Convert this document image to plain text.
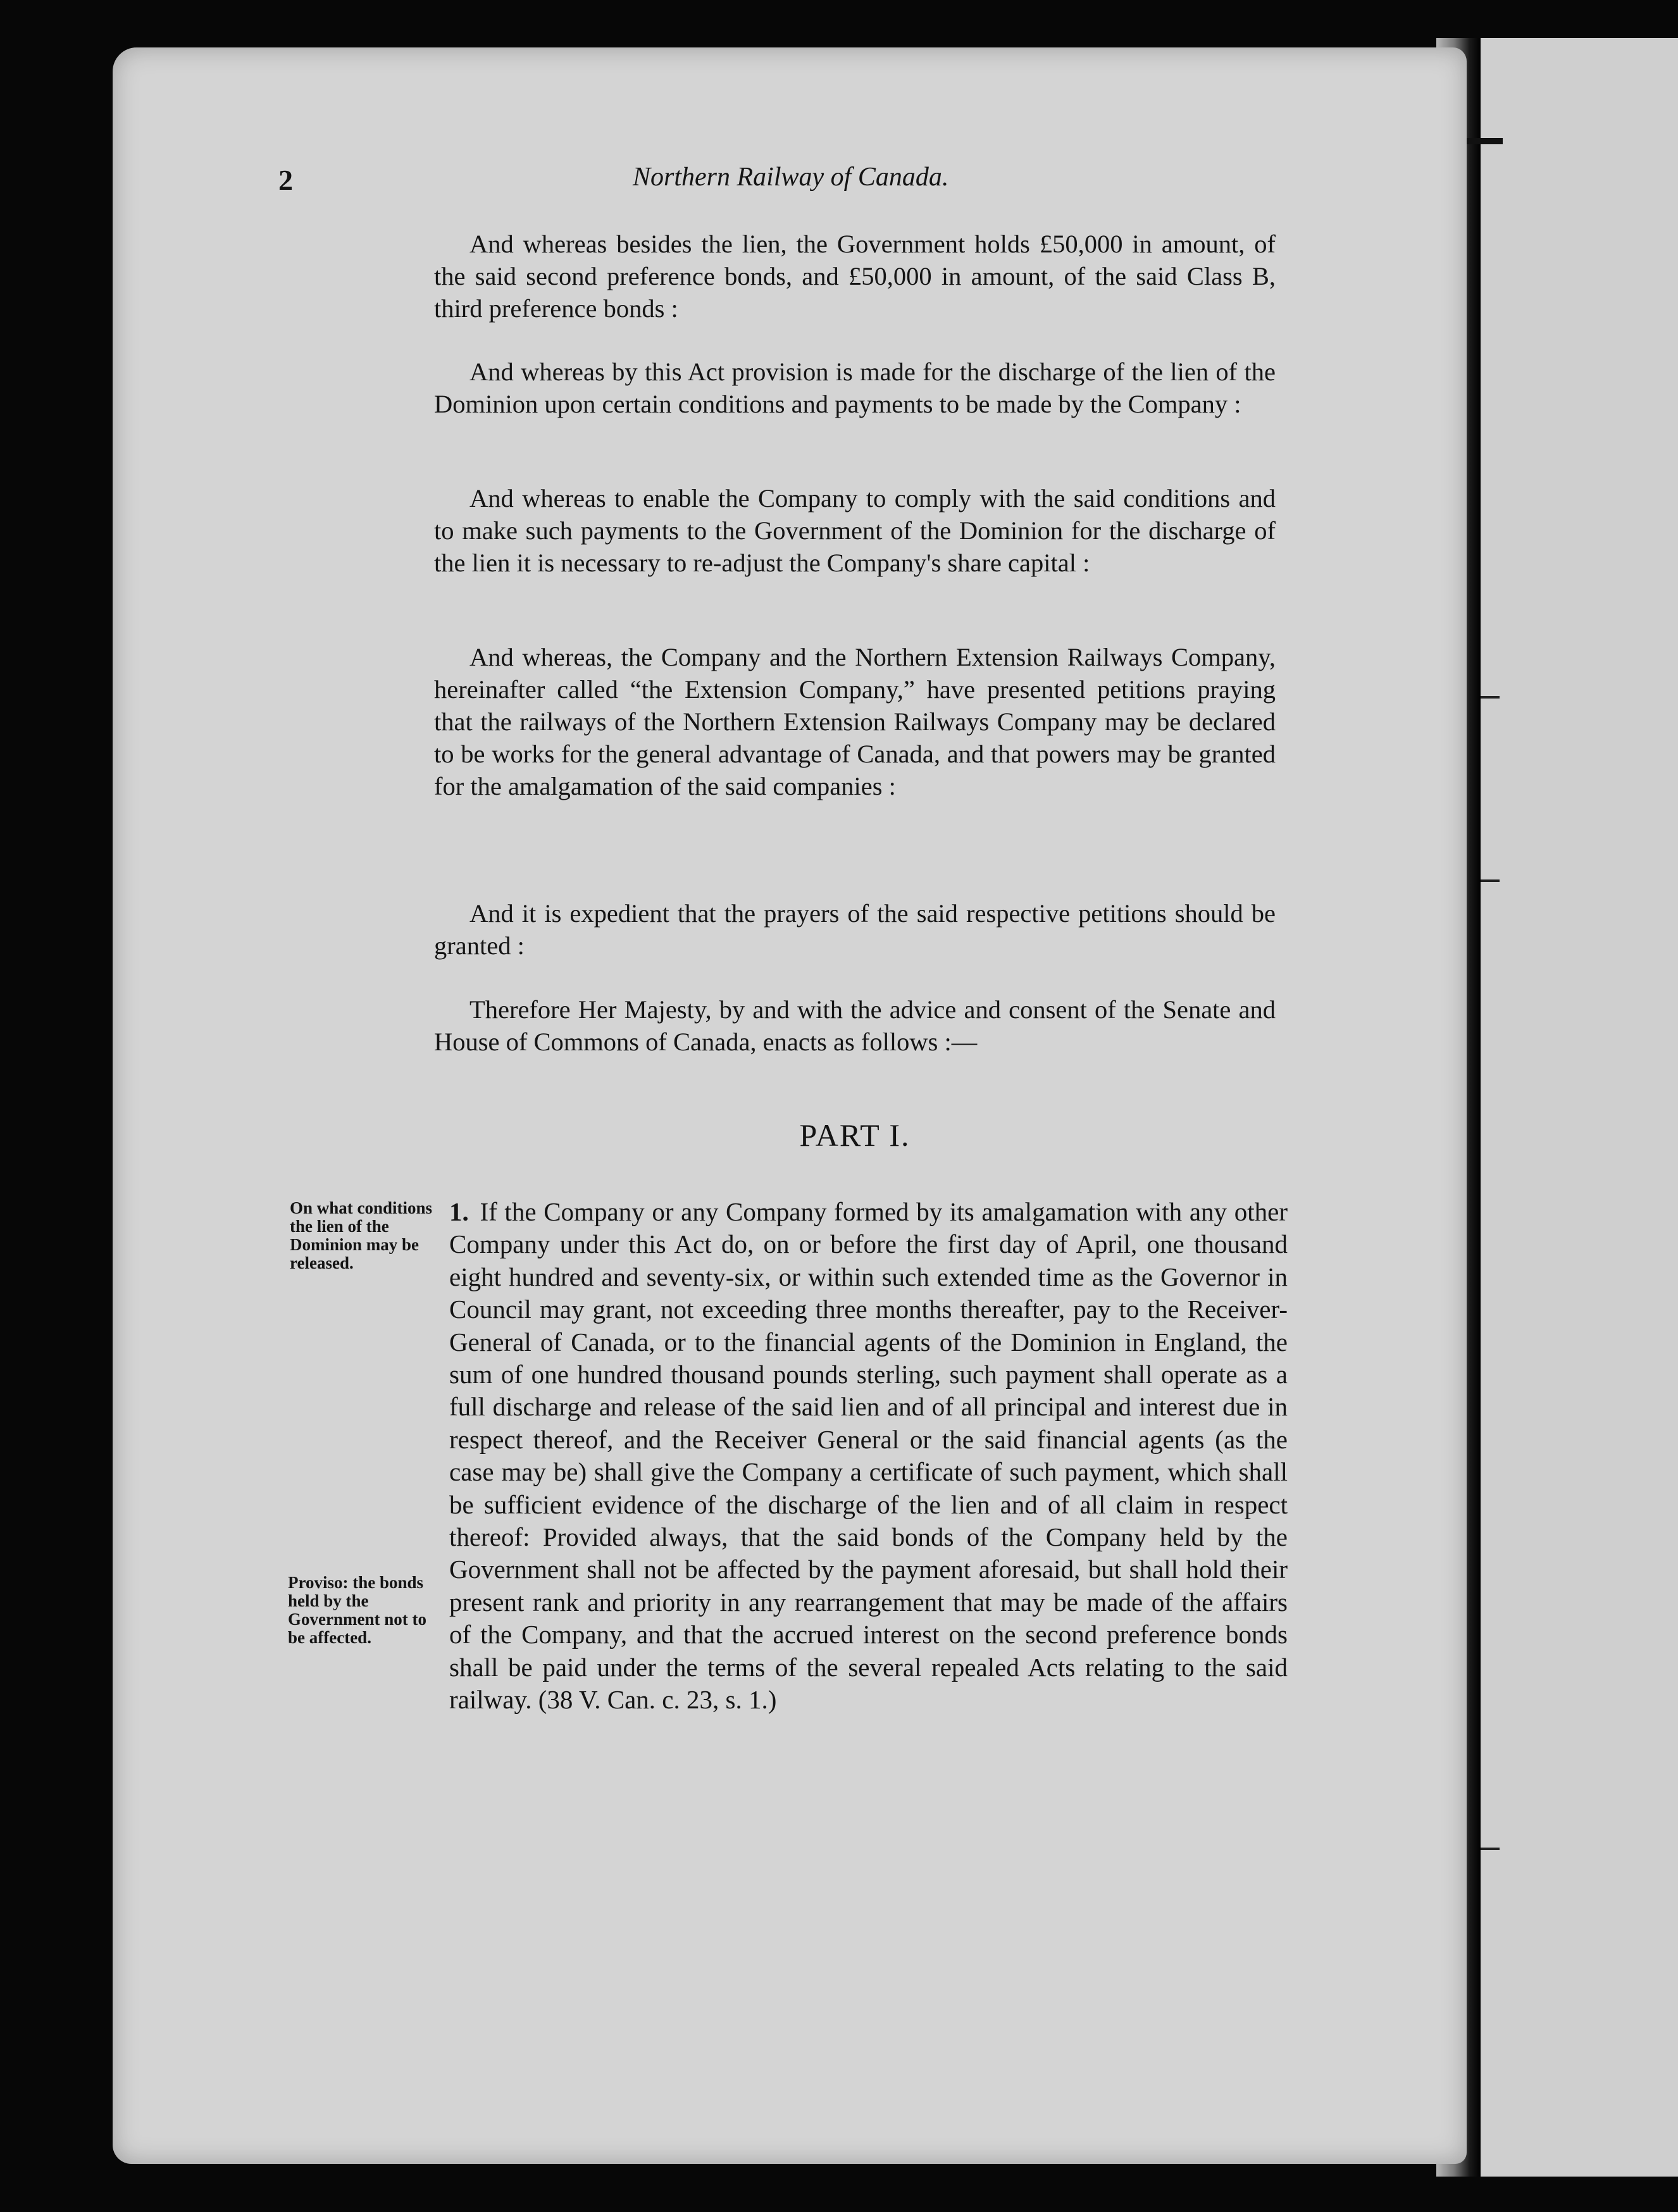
2	Northern Railway of Canada.

And whereas besides the lien, the Government holds £50,000 in amount, of the said second preference bonds, and £50,000 in amount, of the said Class B, third preference bonds :

And whereas by this Act provision is made for the discharge of the lien of the Dominion upon certain conditions and payments to be made by the Company :

And whereas to enable the Company to comply with the said conditions and to make such payments to the Government of the Dominion for the discharge of the lien it is necessary to re-adjust the Company's share capital :

And whereas, the Company and the Northern Extension Railways Company, hereinafter called “the Extension Company,” have presented petitions praying that the railways of the Northern Extension Railways Company may be declared to be works for the general advantage of Canada, and that powers may be granted for the amalgamation of the said companies :

And it is expedient that the prayers of the said respective petitions should be granted :

Therefore Her Majesty, by and with the advice and consent of the Senate and House of Commons of Canada, enacts as follows :—

PART I.
On what conditions the lien of the Dominion may be released.
Proviso: the bonds held by the Government not to be affected.
1. If the Company or any Company formed by its amalgamation with any other Company under this Act do, on or before the first day of April, one thousand eight hundred and seventy-six, or within such extended time as the Governor in Council may grant, not exceeding three months thereafter, pay to the Receiver-General of Canada, or to the financial agents of the Dominion in England, the sum of one hundred thousand pounds sterling, such payment shall operate as a full discharge and release of the said lien and of all principal and interest due in respect thereof, and the Receiver General or the said financial agents (as the case may be) shall give the Company a certificate of such payment, which shall be sufficient evidence of the discharge of the lien and of all claim in respect thereof: Provided always, that the said bonds of the Company held by the Government shall not be affected by the payment aforesaid, but shall hold their present rank and priority in any rearrangement that may be made of the affairs of the Company, and that the accrued interest on the second preference bonds shall be paid under the terms of the several repealed Acts relating to the said railway. (38 V. Can. c. 23, s. 1.)
